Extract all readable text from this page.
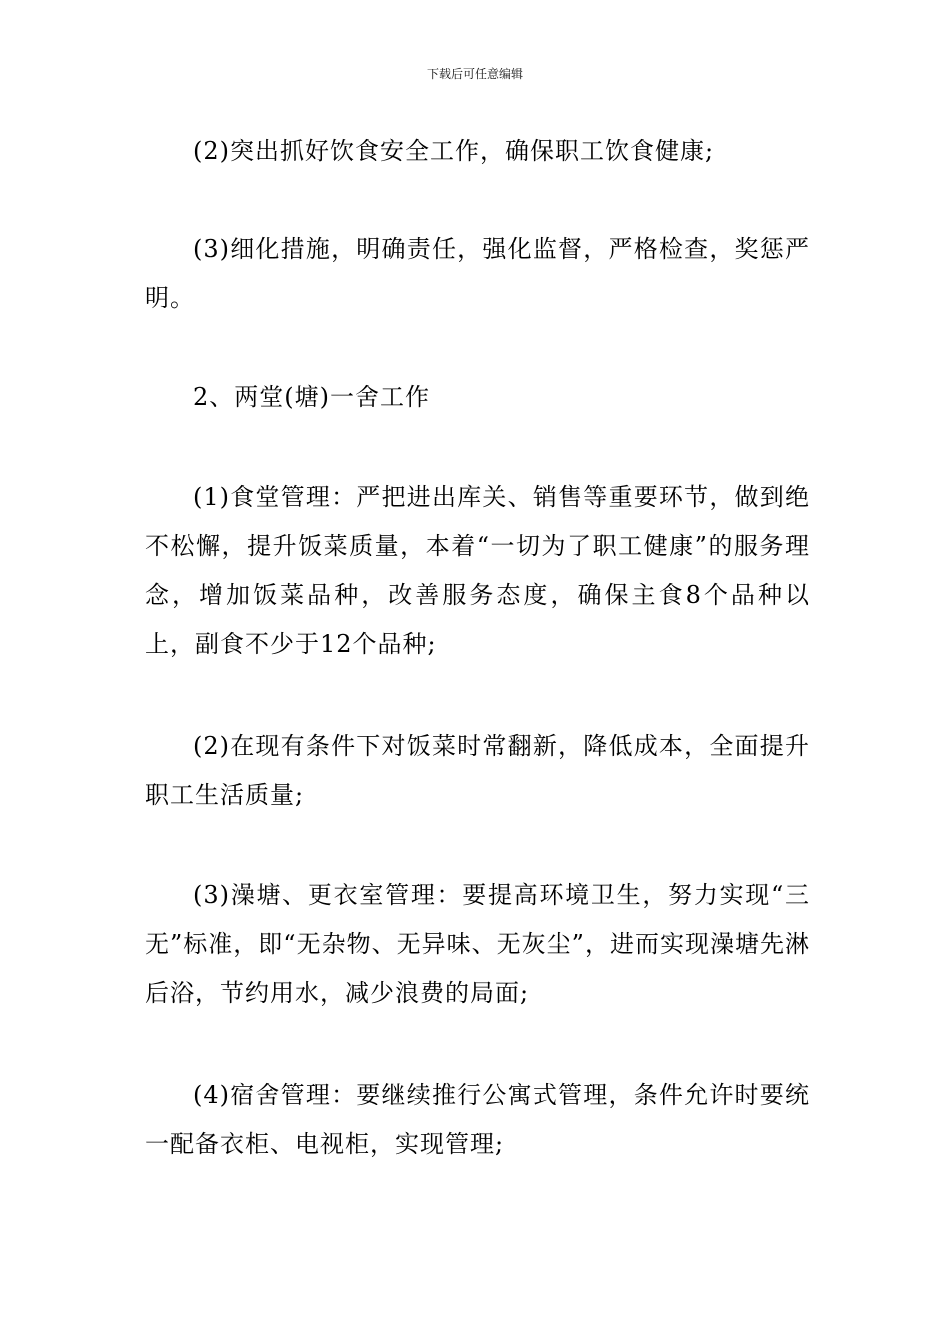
下载后可任意编辑

(2)突出抓好饮食安全工作，确保职工饮食健康;

(3)细化措施，明确责任，强化监督，严格检查，奖惩严明。

2、两堂(塘)一舍工作

(1)食堂管理：严把进出库关、销售等重要环节，做到绝不松懈，提升饭菜质量，本着“一切为了职工健康”的服务理念，增加饭菜品种，改善服务态度，确保主食8个品种以上，副食不少于12个品种;

(2)在现有条件下对饭菜时常翻新，降低成本，全面提升职工生活质量;

(3)澡塘、更衣室管理：要提高环境卫生，努力实现“三无”标准，即“无杂物、无异味、无灰尘”，进而实现澡塘先淋后浴，节约用水，减少浪费的局面;

(4)宿舍管理：要继续推行公寓式管理，条件允许时要统一配备衣柜、电视柜，实现管理;
